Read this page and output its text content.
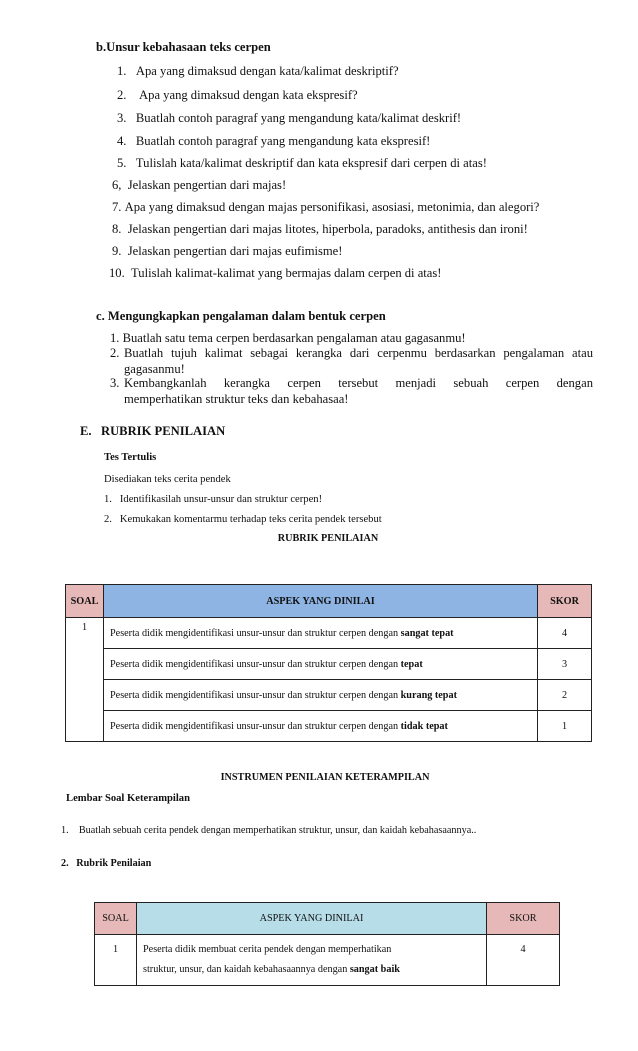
b.Unsur kebahasaan teks cerpen
1. Apa yang dimaksud dengan kata/kalimat deskriptif?
2. Apa yang dimaksud dengan kata ekspresif?
3. Buatlah contoh paragraf yang mengandung kata/kalimat deskrif!
4. Buatlah contoh paragraf yang mengandung kata ekspresif!
5. Tulislah kata/kalimat deskriptif dan kata ekspresif dari cerpen di atas!
6, Jelaskan pengertian dari majas!
7. Apa yang dimaksud dengan majas personifikasi, asosiasi, metonimia, dan alegori?
8. Jelaskan pengertian dari majas litotes, hiperbola, paradoks, antithesis dan ironi!
9. Jelaskan pengertian dari majas eufimisme!
10. Tulislah kalimat-kalimat yang bermajas dalam cerpen di atas!
c. Mengungkapkan pengalaman dalam bentuk cerpen
1. Buatlah satu tema cerpen berdasarkan pengalaman atau gagasanmu!
2. Buatlah tujuh kalimat sebagai kerangka dari cerpenmu berdasarkan pengalaman atau
gagasanmu!
3. Kembangkanlah kerangka cerpen tersebut menjadi sebuah cerpen dengan
memperhatikan struktur teks dan kebahasaa!
E.   RUBRIK PENILAIAN
Tes Tertulis
Disediakan teks cerita pendek
1. Identifikasilah unsur-unsur dan struktur cerpen!
2. Kemukakan komentarmu terhadap teks cerita pendek tersebut
RUBRIK PENILAIAN
SOAL	ASPEK YANG DINILAI	SKOR
1	Peserta didik mengidentifikasi unsur-unsur dan struktur cerpen dengan sangat tepat	4
	Peserta didik mengidentifikasi unsur-unsur dan struktur cerpen dengan tepat	3
	Peserta didik mengidentifikasi unsur-unsur dan struktur cerpen dengan kurang tepat	2
	Peserta didik mengidentifikasi unsur-unsur dan struktur cerpen dengan tidak tepat	1
INSTRUMEN PENILAIAN KETERAMPILAN
Lembar Soal Keterampilan
1. Buatlah sebuah cerita pendek dengan memperhatikan struktur, unsur, dan kaidah kebahasaannya..
2. Rubrik Penilaian
SOAL	ASPEK YANG DINILAI	SKOR
1	Peserta didik membuat cerita pendek dengan memperhatikan
struktur, unsur, dan kaidah kebahasaannya dengan sangat baik	4
